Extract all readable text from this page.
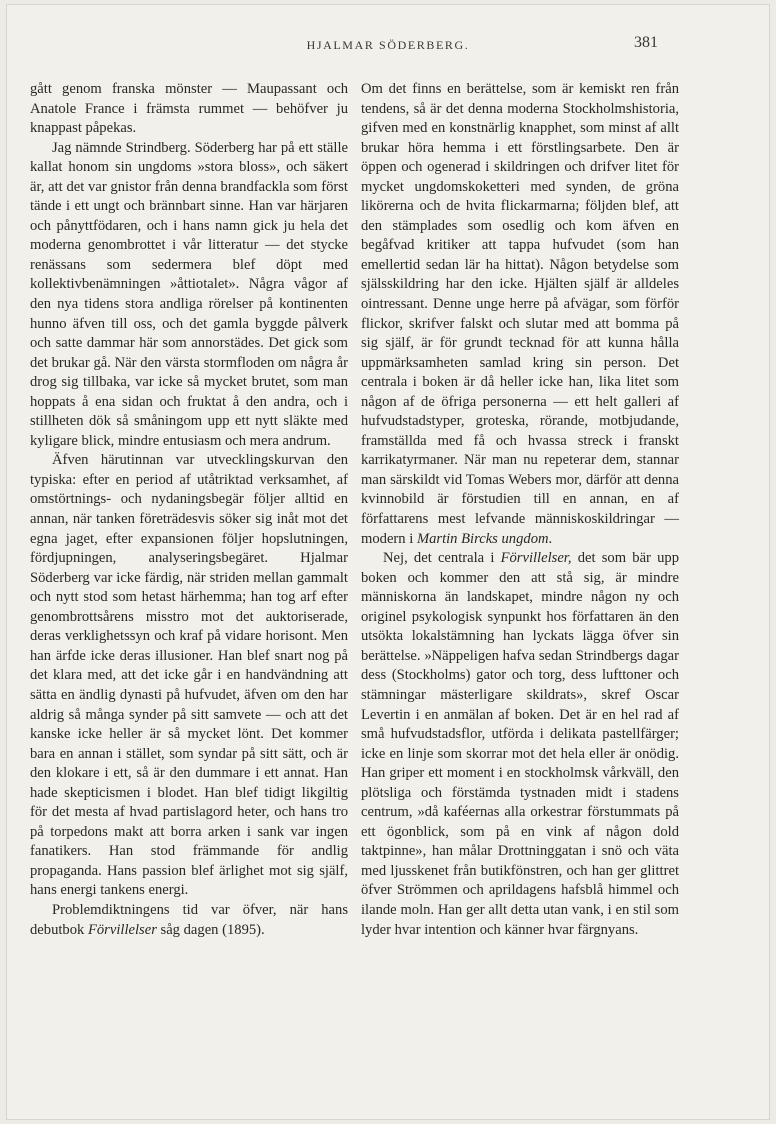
HJALMAR SÖDERBERG.	381

gått genom franska mönster — Maupassant och Anatole France i främsta rummet — behöfver ju knappast påpekas.

Jag nämnde Strindberg. Söderberg har på ett ställe kallat honom sin ungdoms »stora bloss», och säkert är, att det var gnistor från denna brandfackla som först tände i ett ungt och brännbart sinne. Han var härjaren och pånyttfödaren, och i hans namn gick ju hela det moderna genombrottet i vår litteratur — det stycke renässans som sedermera blef döpt med kollektivbenämningen »åttiotalet». Några vågor af den nya tidens stora andliga rörelser på kontinenten hunno äfven till oss, och det gamla byggde pålverk och satte dammar här som annorstädes. Det gick som det brukar gå. När den värsta stormfloden om några år drog sig tillbaka, var icke så mycket brutet, som man hoppats å ena sidan och fruktat å den andra, och i stillheten dök så småningom upp ett nytt släkte med kyligare blick, mindre entusiasm och mera andrum.

Äfven härutinnan var utvecklingskurvan den typiska: efter en period af utåtriktad verksamhet, af omstörtnings- och nydaningsbegär följer alltid en annan, när tanken företrädesvis söker sig inåt mot det egna jaget, efter expansionen följer hopslutningen, fördjupningen, analyseringsbegäret. Hjalmar Söderberg var icke färdig, när striden mellan gammalt och nytt stod som hetast härhemma; han tog arf efter genombrottsårens misstro mot det auktoriserade, deras verklighetssyn och kraf på vidare horisont. Men han ärfde icke deras illusioner. Han blef snart nog på det klara med, att det icke går i en handvändning att sätta en ändlig dynasti på hufvudet, äfven om den har aldrig så många synder på sitt samvete — och att det kanske icke heller är så mycket lönt. Det kommer bara en annan i stället, som syndar på sitt sätt, och är den klokare i ett, så är den dummare i ett annat. Han hade skepticismen i blodet. Han blef tidigt likgiltig för det mesta af hvad partislagord heter, och hans tro på torpedons makt att borra arken i sank var ingen fanatikers. Han stod främmande för andlig propaganda. Hans passion blef ärlighet mot sig själf, hans energi tankens energi.

Problemdiktningens tid var öfver, när hans debutbok Förvillelser såg dagen (1895).

Om det finns en berättelse, som är kemiskt ren från tendens, så är det denna moderna Stockholmshistoria, gifven med en konstnärlig knapphet, som minst af allt brukar höra hemma i ett förstlingsarbete. Den är öppen och ogenerad i skildringen och drifver litet för mycket ungdomskoketteri med synden, de gröna likörerna och de hvita flickarmarna; följden blef, att den stämplades som osedlig och kom äfven en begåfvad kritiker att tappa hufvudet (som han emellertid sedan lär ha hittat). Någon betydelse som själsskildring har den icke. Hjälten själf är alldeles ointressant. Denne unge herre på afvägar, som förför flickor, skrifver falskt och slutar med att bomma på sig själf, är för grundt tecknad för att kunna hålla uppmärksamheten samlad kring sin person. Det centrala i boken är då heller icke han, lika litet som någon af de öfriga personerna — ett helt galleri af hufvudstadstyper, groteska, rörande, motbjudande, framställda med få och hvassa streck i franskt karrikatyrmaner. När man nu repeterar dem, stannar man särskildt vid Tomas Webers mor, därför att denna kvinnobild är förstudien till en annan, en af författarens mest lefvande människoskildringar — modern i Martin Bircks ungdom.

Nej, det centrala i Förvillelser, det som bär upp boken och kommer den att stå sig, är mindre människorna än landskapet, mindre någon ny och originel psykologisk synpunkt hos författaren än den utsökta lokalstämning han lyckats lägga öfver sin berättelse. »Näppeligen hafva sedan Strindbergs dagar dess (Stockholms) gator och torg, dess lufttoner och stämningar mästerligare skildrats», skref Oscar Levertin i en anmälan af boken. Det är en hel rad af små hufvudstadsflor, utförda i delikata pastellfärger; icke en linje som skorrar mot det hela eller är onödig. Han griper ett moment i en stockholmsk vårkväll, den plötsliga och förstämda tystnaden midt i stadens centrum, »då kaféernas alla orkestrar förstummats på ett ögonblick, som på en vink af någon dold taktpinne», han målar Drottninggatan i snö och väta med ljusskenet från butikfönstren, och han ger glittret öfver Strömmen och aprildagens hafsblå himmel och ilande moln. Han ger allt detta utan vank, i en stil som lyder hvar intention och känner hvar färgnyans.
